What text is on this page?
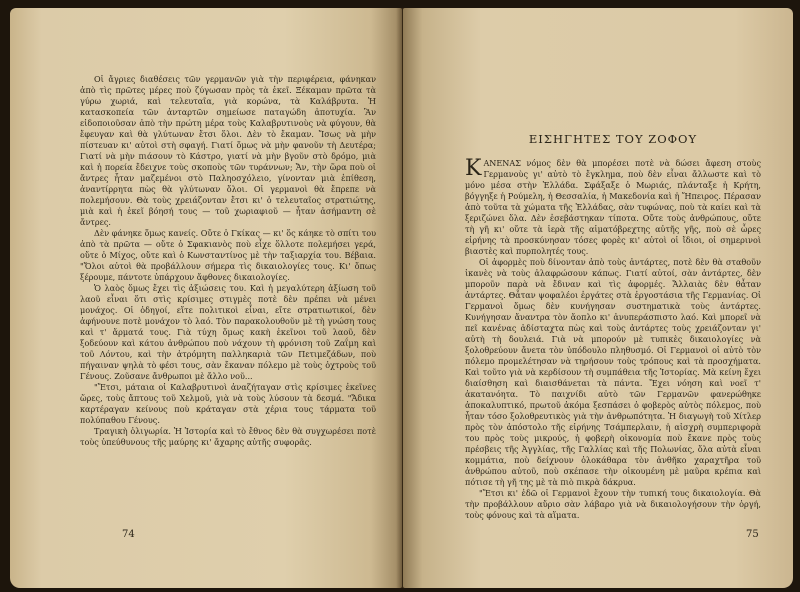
Οἱ ἄγριες διαθέσεις τῶν γερμανῶν γιὰ τὴν περιφέρεια, φάνηκαν ἀπὸ τὶς πρῶτες μέρες ποὺ ζύγωσαν πρὸς τὰ ἐκεῖ. Ξέκαμαν πρῶτα τὰ γύρω χωριά, καὶ τελευταῖα, γιὰ κορώνα, τὰ Καλάβρυτα. Ἡ κατασκοπεία τῶν ἀνταρτῶν σημείωσε παταγώδη ἀποτυχία. Ἂν εἰδοποιοῦσαν ἀπὸ τὴν πρώτη μέρα τοὺς Καλαβρυτινοὺς νὰ φύγουν, θὰ ἔφευγαν καὶ θὰ γλύτωναν ἔτσι ὅλοι. Δὲν τὸ ἔκαμαν. Ἴσως νὰ μὴν πίστευαν κι' αὐτοὶ στὴ σφαγή. Γιατί ὅμως νὰ μὴν φανοῦν τὴ Δευτέρα; Γιατί νὰ μὴν πιάσουν τὸ Κάστρο, γιατί νὰ μὴν βγοῦν στὸ δρόμο, μιὰ καὶ ἡ πορεία ἔδειχνε τοὺς σκοποὺς τῶν τυράννων; Ἄν, τὴν ὥρα ποὺ οἱ ἄντρες ἦταν μαζεμένοι στὸ Παληοσχόλειο, γίνονταν μιὰ ἐπίθεση, ἀναντίρρητα πὼς θὰ γλύτωναν ὅλοι. Οἱ γερμανοὶ θὰ ἔπρεπε νὰ πολεμήσουν. Θὰ τοὺς χρειάζονταν ἔτσι κι' ὁ τελευταῖος στρατιώτης, μιὰ καὶ ἡ ἐκεῖ βόησή τους — τοῦ χωριαφιοῦ — ἦταν ἀσήμαντη σὲ ἄντρες.

Δὲν φάνηκε ὅμως κανείς. Οὔτε ὁ Γκίκας — κι' ὅς κάηκε τὸ σπίτι του ἀπὸ τὰ πρῶτα — οὔτε ὁ Σφακιανὸς ποὺ εἶχε ὅλλοτε πολεμήσει γερά, οὔτε ὁ Μίχος, οὔτε καὶ ὁ Κωνσταντίνος μὲ τὴν ταξιαρχία του. Βέβαια. "Ὅλοι αὐτοὶ θὰ προβάλλουν σήμερα τὶς δικαιολογίες τους. Κι' ὅπως ξέρουμε, πάντοτε ὑπάρχουν ἄφθονες δικαιολογίες.

Ὁ λαὸς ὅμως ἔχει τὶς ἀξιώσεις του. Καὶ ἡ μεγαλύτερη ἀξίωση τοῦ λαοῦ εἶναι ὅτι στὶς κρίσιμες στιγμὲς ποτὲ δὲν πρέπει νὰ μένει μονάχος. Οἱ ὁδηγοί, εἴτε πολιτικοὶ εἶναι, εἴτε στρατιωτικοί, δὲν ἀφήνουνε ποτὲ μονάχον τὸ λαό. Τὸν παρακολουθοῦν μὲ τὴ γνώση τους καὶ τ' ἄρματά τους. Γιὰ τύχη ὅμως κακὴ ἐκεῖνοι τοῦ λαοῦ, δὲν ξοδεύουν καὶ κάτου ἀνθρώπου ποὺ νάχουν τὴ φρόνιση τοῦ Ζαΐμη καὶ τοῦ Λόντου, καὶ τὴν ἀτρόμητη παλληκαριὰ τῶν Πετιμεζάδων, ποὺ πήγαιναν ψηλὰ τὸ φέσι τους, σὰν ἔκαναν πόλεμο μὲ τοὺς ὀχτροὺς τοῦ Γένους. Ζοῦσανε ἄνθρωποι μὲ ἄλλο νοῦ...

"Ἔτσι, μάταια οἱ Καλαβρυτινοὶ ἀναζήταγαν στὶς κρίσιμες ἐκεῖνες ὥρες, τοὺς ἄπτους τοῦ Χελμοῦ, γιὰ νὰ τοὺς λύσουν τὰ δεσμά. "Ἄδικα καρτέραγαν κείνους ποὺ κράταγαν στὰ χέρια τους τάρματα τοῦ πολύπαθου Γένους.

Τραγικὴ ὀλιγωρία. Ἡ Ἱστορία καὶ τὸ ἔθνος δὲν θὰ συγχωρέσει ποτὲ τοὺς ὑπεύθυνους τῆς μαύρης κι' ἄχαρης αὐτῆς συφορᾶς.

74
ΕΙΣΗΓΗΤΕΣ ΤΟΥ ΖΟΦΟΥ

ΚΑΝΕΝΑΣ νόμος δὲν θὰ μπορέσει ποτὲ νὰ δώσει ἄφεση στοὺς Γερμανοὺς γι' αὐτὸ τὸ ἔγκλημα, ποὺ δὲν εἶναι ἄλλωστε καὶ τὸ μόνο μέσα στὴν Ἑλλάδα. Σφάξαξε ὁ Μωριάς, πλάνταξε ἡ Κρήτη, βόγγηξε ἡ Ρούμελη, ἡ Θεσσαλία, ἡ Μακεδονία καὶ ἡ Ἤπειρος. Πέρασαν ἀπὸ τοῦτα τὰ χώματα τῆς Ἑλλάδας, σὰν τυφώνας, ποὺ τὰ καίει καὶ τὰ ξεριζώνει ὅλα. Δὲν ἐσεβάστηκαν τίποτα. Οὔτε τοὺς ἀνθρώπους, οὔτε τὴ γῆ κι' οὔτε τὰ ἱερὰ τῆς αἱματόβρεχτης αὐτῆς γῆς, ποὺ σὲ ὧρες εἰρήνης τὰ προσκύνησαν τόσες φορὲς κι' αὐτοὶ οἱ ἴδιοι, οἱ σημερινοὶ βιαστὲς καὶ πυρπολητές τους.

Οἱ ἀφορμὲς ποὺ δίνονταν ἀπὸ τοὺς ἀντάρτες, ποτὲ δὲν θὰ σταθοῦν ἱκανὲς νὰ τοὺς ἀλαφρώσουν κάπως. Γιατί αὐτοί, σὰν ἀντάρτες, δὲν μποροῦν παρὰ νὰ ἔδιναν καὶ τὶς ἀφορμές. Ἄλλαιὰς δὲν θἆταν ἀντάρτες. Θἆταν ψοφαλέοι ἐργάτες στὰ ἐργοστάσια τῆς Γερμανίας. Οἱ Γερμανοὶ ὅμως δὲν κυνήγησαν συστηματικὰ τοὺς ἀντάρτες. Κυνήγησαν ἄναντρα τὸν ἄοπλο κι' ἀνυπεράσπιστο λαό. Καὶ μπορεῖ νὰ πεῖ κανένας ἀδίσταχτα πὼς καὶ τοὺς ἀντάρτες τοὺς χρειάζονταν γι' αὐτὴ τὴ δουλειά. Γιὰ νὰ μπορούν μὲ τυπικὲς δικαιολογίες νὰ ξολοθρεύουν ἄνετα τὸν ὑπόδουλο πληθυσμό. Οἱ Γερμανοὶ οἱ αὐτὸ τὸν πόλεμο προμελέτησαν νὰ τηρήσουν τοὺς τρόπους καὶ τὰ προσχήματα. Καὶ τοῦτο γιὰ νὰ κερδίσουν τὴ συμπάθεια τῆς Ἱστορίας. Μὰ κείνη ἔχει διαίσθηση καὶ διαισθάνεται τὰ πάντα. Ἔχει νόηση καὶ νοεῖ τ' ἀκατανόητα. Τὸ παιχνίδι αὐτὸ τῶν Γερμανῶν φανερώθηκε ἀποκαλυπτικό, πρωτοῦ ἀκόμα ξεσπάσει ὁ φοβερὸς αὐτὸς πόλεμος, ποὺ ἦταν τόσο ξολοθρευτικὸς γιὰ τὴν ἀνθρωπότητα. Ἡ διαγωγὴ τοῦ Χίτλερ πρὸς τὸν ἀπόστολο τῆς εἰρήνης Τσάμπερλαιν, ἡ αἰσχρὴ συμπεριφορὰ του πρὸς τοὺς μικρούς, ἡ φοβερὴ οἰκονομία ποὺ ἔκανε πρὸς τοὺς πρέσβεις τῆς Ἀγγλίας, τῆς Γαλλίας καὶ τῆς Πολωνίας, ὅλα αὐτὰ εἶναι κομμάτια, ποὺ δείχνουν ὁλοκάθαρα τὸν ἀνθῆκο χαραχτῆρα τοῦ ἀνθρώπου αὐτοῦ, ποὺ σκέπασε τὴν οἰκουμένη μὲ μαῦρα κρέπια καὶ πότισε τὴ γῆ της μὲ τὰ πιὸ πικρὰ δάκρυα.

"Ἔτσι κι' ἐδῶ οἱ Γερμανοὶ ἔχουν τὴν τυπική τους δικαιολογία. Θὰ τὴν προβάλλουν αὔριο σὰν λάβαρο γιὰ νὰ δικαιολογήσουν τὴν ὀργή, τοὺς φόνους καὶ τὰ αἵματα.

75
